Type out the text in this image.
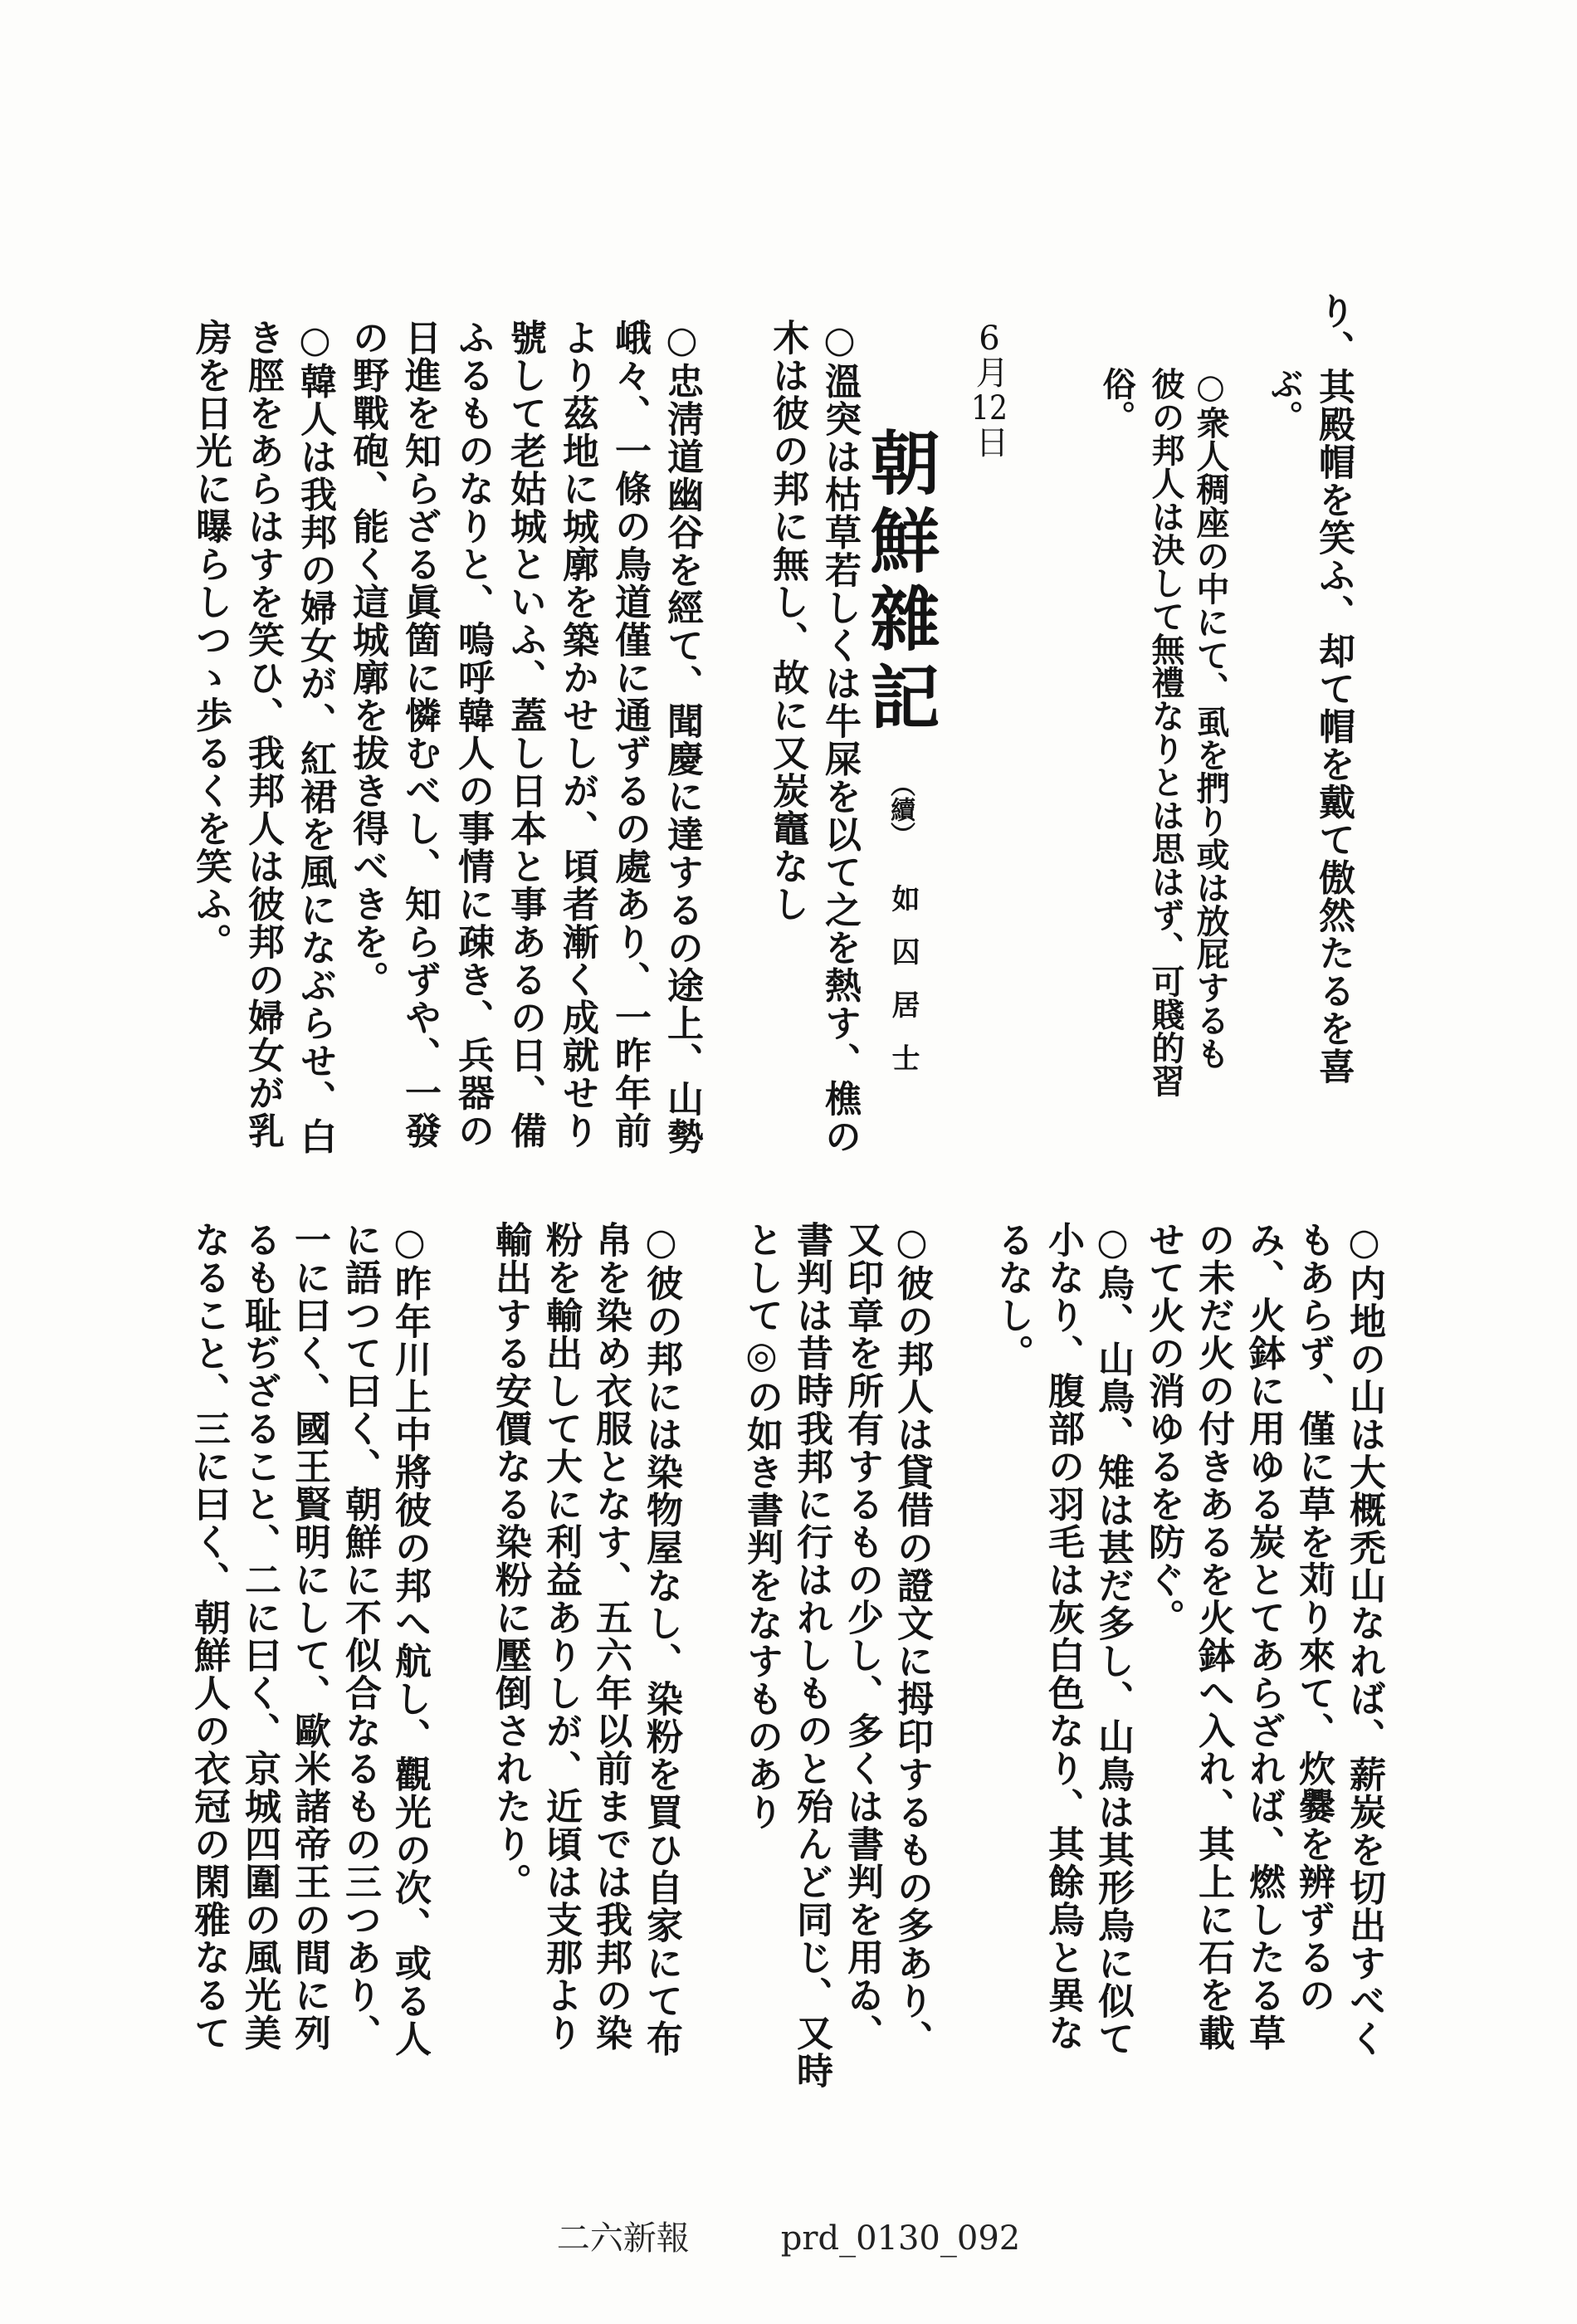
り、其殿帽を笑ふ、却て帽を戴て傲然たるを喜
ぶ。
○衆人稠座の中にて、虱を捫り或は放屁するも
彼の邦人は決して無禮なりとは思はず、可賤的習
俗。
6月12日
朝鮮雜記
（續）
如囚居士
○溫突は枯草若しくは牛屎を以て之を熱す、樵の
木は彼の邦に無し、故に又炭竈なし
○忠淸道幽谷を經て、聞慶に達するの途上、山勢
峨々、一條の鳥道僅に通ずるの處あり、一昨年前
より茲地に城廓を築かせしが、頃者漸く成就せり
號して老姑城といふ、蓋し日本と事あるの日、備
ふるものなりと、嗚呼韓人の事情に疎き、兵器の
日進を知らざる眞箇に憐むべし、知らずや、一發
の野戰砲、能く這城廓を拔き得べきを。
○韓人は我邦の婦女が、紅裙を風になぶらせ、白
き脛をあらはすを笑ひ、我邦人は彼邦の婦女が乳
房を日光に曝らしつゝ歩るくを笑ふ。
○内地の山は大概禿山なれば、薪炭を切出すべく
もあらず、僅に草を苅り來て、炊爨を辨ずるの
み、火鉢に用ゆる炭とてあらざれば、燃したる草
の未だ火の付きあるを火鉢へ入れ、其上に石を載
せて火の消ゆるを防ぐ。
○烏、山鳥、雉は甚だ多し、山鳥は其形烏に似て
小なり、腹部の羽毛は灰白色なり、其餘烏と異な
るなし。
○彼の邦人は貸借の證文に拇印するもの多あり、
又印章を所有するもの少し、多くは書判を用ゐ、
書判は昔時我邦に行はれしものと殆んど同じ、又時
として◎の如き書判をなすものあり
○彼の邦には染物屋なし、染粉を買ひ自家にて布
帛を染め衣服となす、五六年以前までは我邦の染
粉を輸出して大に利益ありしが、近頃は支那より
輸出する安價なる染粉に壓倒されたり。
○昨年川上中將彼の邦へ航し、觀光の次、或る人
に語つて曰く、朝鮮に不似合なるもの三つあり、
一に曰く、國王賢明にして、歐米諸帝王の間に列
るも耻ぢざること、二に曰く、京城四圍の風光美
なること、三に曰く、朝鮮人の衣冠の閑雅なるて
二六新報	prd_0130_092
